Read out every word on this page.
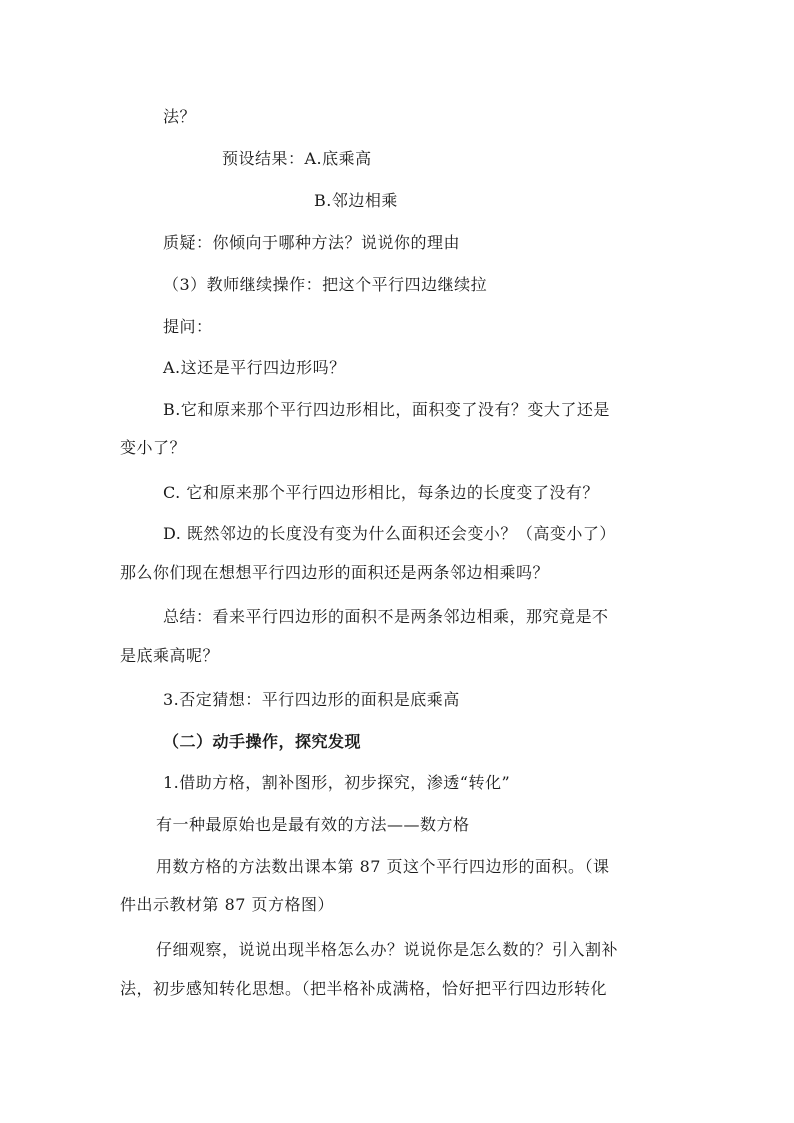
法？
预设结果：A.底乘高
B.邻边相乘
质疑：你倾向于哪种方法？说说你的理由
（3）教师继续操作：把这个平行四边继续拉
提问：
A.这还是平行四边形吗？
B.它和原来那个平行四边形相比，面积变了没有？变大了还是
变小了？
C. 它和原来那个平行四边形相比，每条边的长度变了没有？
D. 既然邻边的长度没有变为什么面积还会变小？（高变小了）
那么你们现在想想平行四边形的面积还是两条邻边相乘吗？
总结：看来平行四边形的面积不是两条邻边相乘，那究竟是不
是底乘高呢？
3.否定猜想：平行四边形的面积是底乘高
（二）动手操作，探究发现
1.借助方格，割补图形，初步探究，渗透“转化”
有一种最原始也是最有效的方法——数方格
用数方格的方法数出课本第 87 页这个平行四边形的面积。（课
件出示教材第 87 页方格图）
仔细观察，说说出现半格怎么办？说说你是怎么数的？引入割补
法，初步感知转化思想。（把半格补成满格，恰好把平行四边形转化
